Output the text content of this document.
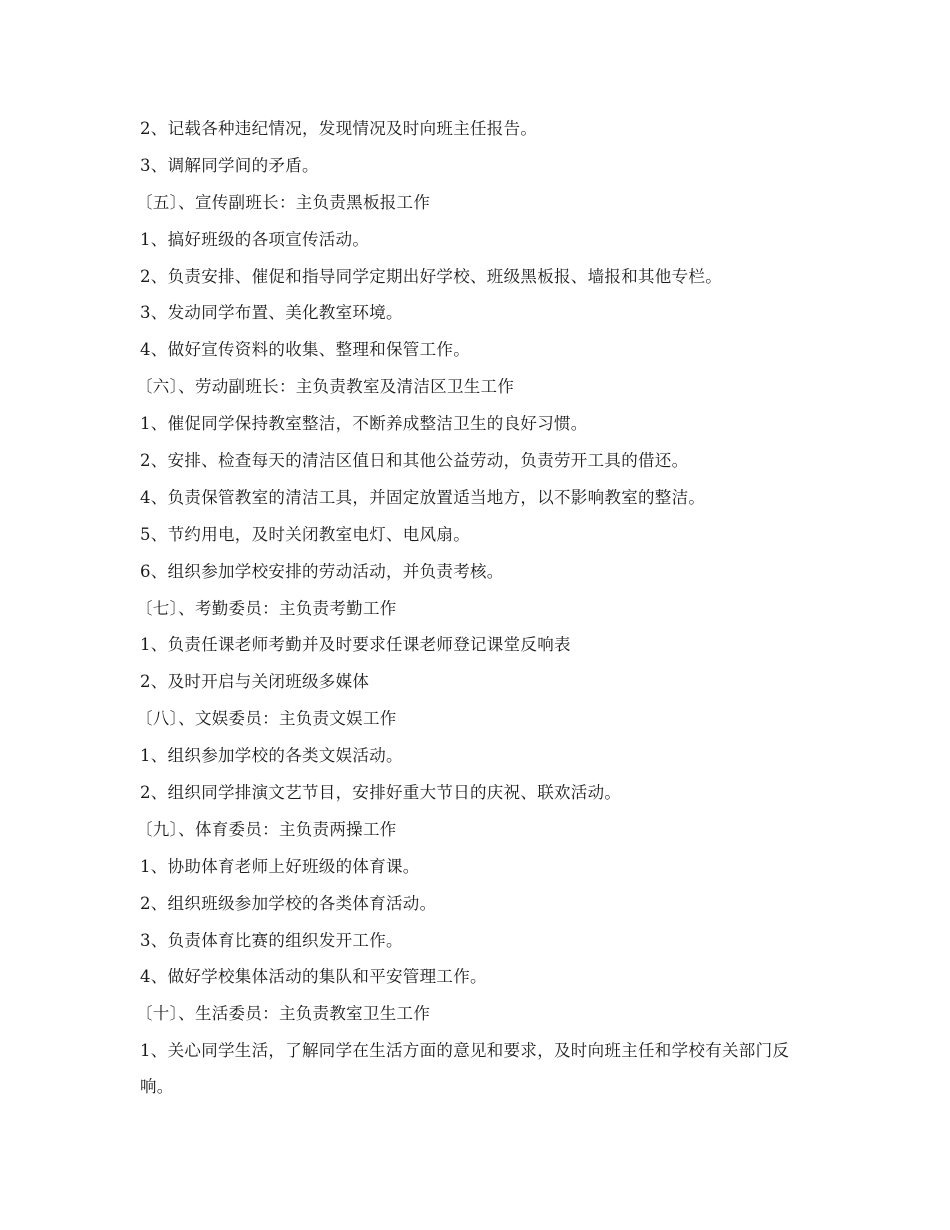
2、记载各种违纪情况，发现情况及时向班主任报告。
3、调解同学间的矛盾。
〔五〕、宣传副班长：主负责黑板报工作
1、搞好班级的各项宣传活动。
2、负责安排、催促和指导同学定期出好学校、班级黑板报、墙报和其他专栏。
3、发动同学布置、美化教室环境。
4、做好宣传资料的收集、整理和保管工作。
〔六〕、劳动副班长：主负责教室及清洁区卫生工作
1、催促同学保持教室整洁，不断养成整洁卫生的良好习惯。
2、安排、检查每天的清洁区值日和其他公益劳动，负责劳开工具的借还。
4、负责保管教室的清洁工具，并固定放置适当地方，以不影响教室的整洁。
5、节约用电，及时关闭教室电灯、电风扇。
6、组织参加学校安排的劳动活动，并负责考核。
〔七〕、考勤委员：主负责考勤工作
1、负责任课老师考勤并及时要求任课老师登记课堂反响表
2、及时开启与关闭班级多媒体
〔八〕、文娱委员：主负责文娱工作
1、组织参加学校的各类文娱活动。
2、组织同学排演文艺节目，安排好重大节日的庆祝、联欢活动。
〔九〕、体育委员：主负责两操工作
1、协助体育老师上好班级的体育课。
2、组织班级参加学校的各类体育活动。
3、负责体育比赛的组织发开工作。
4、做好学校集体活动的集队和平安管理工作。
〔十〕、生活委员：主负责教室卫生工作
1、关心同学生活，了解同学在生活方面的意见和要求，及时向班主任和学校有关部门反响。
